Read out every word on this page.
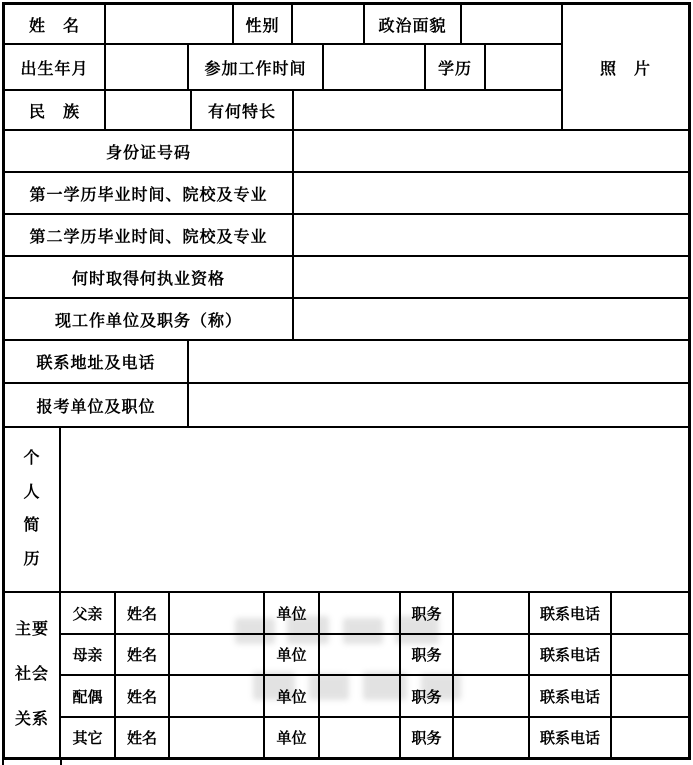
姓　名	性别	政治面貌
照　片
出生年月	参加工作时间	学历
民　族	有何特长
身份证号码
第一学历毕业时间、院校及专业
第二学历毕业时间、院校及专业
何时取得何执业资格
现工作单位及职务（称）
联系地址及电话
报考单位及职位
个
人
简
历
主要
社会
关系
父亲	姓名	单位	职务	联系电话
母亲	姓名	单位	职务	联系电话
配偶	姓名	单位	职务	联系电话
其它	姓名	单位	职务	联系电话
